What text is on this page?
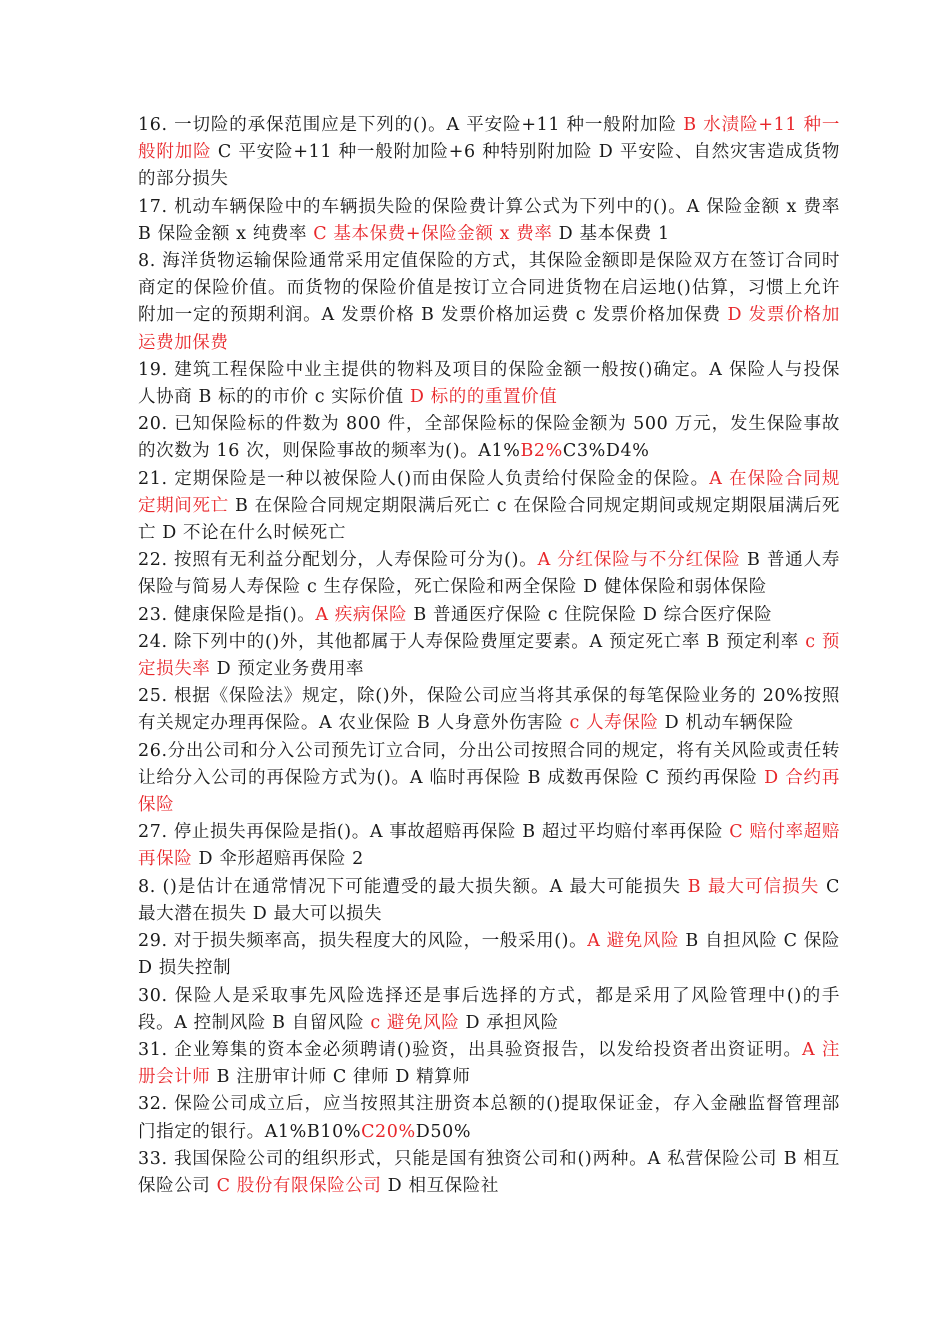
16. 一切险的承保范围应是下列的()。A 平安险+11 种一般附加险 B 水渍险+11 种一般附加险 C 平安险+11 种一般附加险+6 种特别附加险 D 平安险、自然灾害造成货物的部分损失

17. 机动车辆保险中的车辆损失险的保险费计算公式为下列中的()。A 保险金额 x 费率 B 保险金额 x 纯费率 C 基本保费+保险金额 x 费率 D 基本保费 1

8. 海洋货物运输保险通常采用定值保险的方式，其保险金额即是保险双方在签订合同时商定的保险价值。而货物的保险价值是按订立合同进货物在启运地()估算，习惯上允许附加一定的预期利润。A 发票价格 B 发票价格加运费 c 发票价格加保费 D 发票价格加运费加保费

19. 建筑工程保险中业主提供的物料及项目的保险金额一般按()确定。A 保险人与投保人协商 B 标的的市价 c 实际价值 D 标的的重置价值

20. 已知保险标的件数为 800 件，全部保险标的保险金额为 500 万元，发生保险事故的次数为 16 次，则保险事故的频率为()。A1%B2%C3%D4%

21. 定期保险是一种以被保险人()而由保险人负责给付保险金的保险。A 在保险合同规定期间死亡 B 在保险合同规定期限满后死亡 c 在保险合同规定期间或规定期限届满后死亡 D 不论在什么时候死亡

22. 按照有无利益分配划分，人寿保险可分为()。A 分红保险与不分红保险 B 普通人寿保险与简易人寿保险 c 生存保险，死亡保险和两全保险 D 健体保险和弱体保险

23. 健康保险是指()。A 疾病保险 B 普通医疗保险 c 住院保险 D 综合医疗保险

24. 除下列中的()外，其他都属于人寿保险费厘定要素。A 预定死亡率 B 预定利率 c 预定损失率 D 预定业务费用率

25. 根据《保险法》规定，除()外，保险公司应当将其承保的每笔保险业务的 20%按照有关规定办理再保险。A 农业保险 B 人身意外伤害险 c 人寿保险 D 机动车辆保险

26.分出公司和分入公司预先订立合同，分出公司按照合同的规定，将有关风险或责任转让给分入公司的再保险方式为()。A 临时再保险 B 成数再保险 C 预约再保险 D 合约再保险

27. 停止损失再保险是指()。A 事故超赔再保险 B 超过平均赔付率再保险 C 赔付率超赔再保险 D 伞形超赔再保险 2

8. ()是估计在通常情况下可能遭受的最大损失额。A 最大可能损失 B 最大可信损失 C 最大潜在损失 D 最大可以损失

29. 对于损失频率高，损失程度大的风险，一般采用()。A 避免风险 B 自担风险 C 保险 D 损失控制

30. 保险人是采取事先风险选择还是事后选择的方式，都是采用了风险管理中()的手段。A 控制风险 B 自留风险 c 避免风险 D 承担风险

31. 企业筹集的资本金必须聘请()验资，出具验资报告，以发给投资者出资证明。A 注册会计师 B 注册审计师 C 律师 D 精算师

32. 保险公司成立后，应当按照其注册资本总额的()提取保证金，存入金融监督管理部门指定的银行。A1%B10%C20%D50%

33. 我国保险公司的组织形式，只能是国有独资公司和()两种。A 私营保险公司 B 相互保险公司 C 股份有限保险公司 D 相互保险社
